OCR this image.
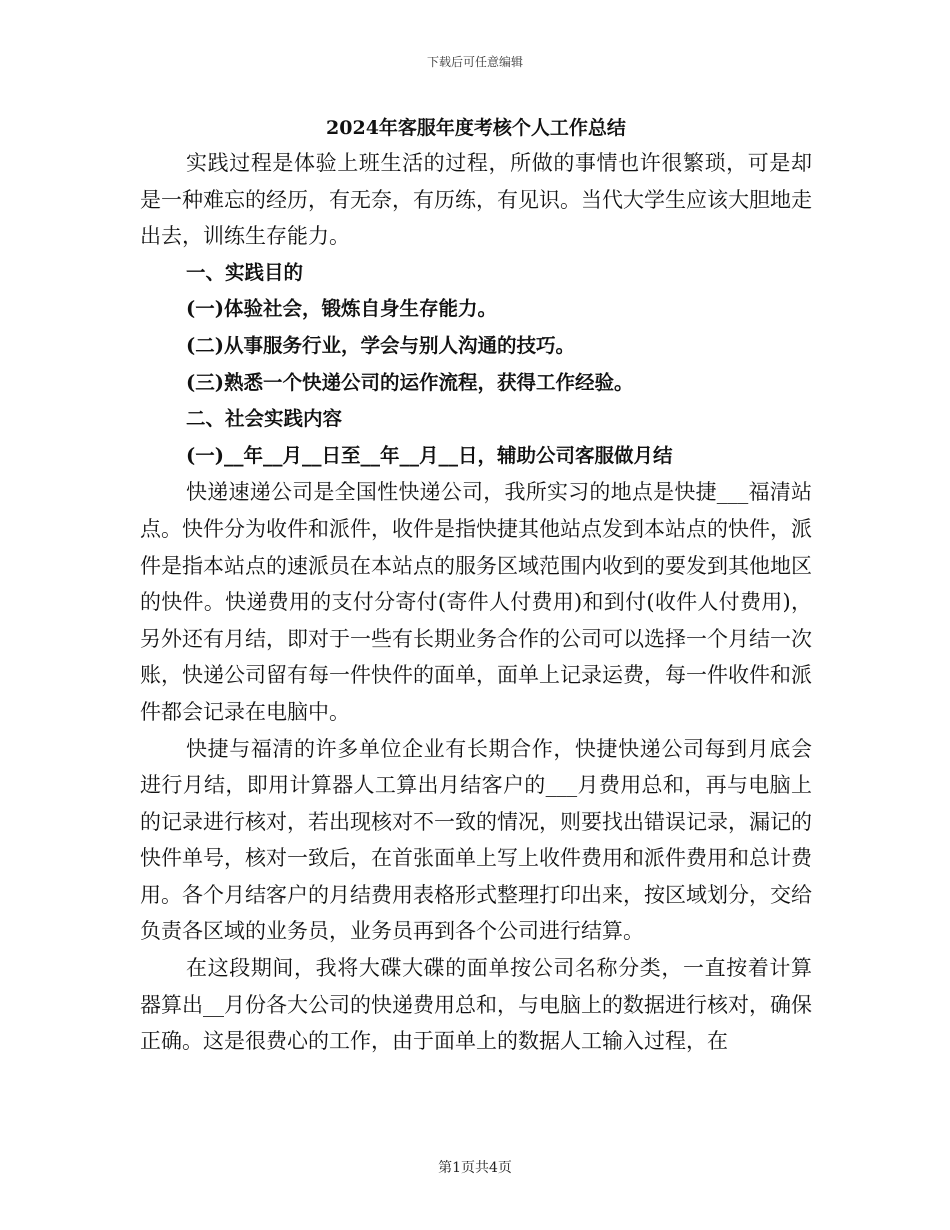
下载后可任意编辑
2024年客服年度考核个人工作总结

实践过程是体验上班生活的过程，所做的事情也许很繁琐，可是却是一种难忘的经历，有无奈，有历练，有见识。当代大学生应该大胆地走出去，训练生存能力。

一、实践目的
(一)体验社会，锻炼自身生存能力。
(二)从事服务行业，学会与别人沟通的技巧。
(三)熟悉一个快递公司的运作流程，获得工作经验。
二、社会实践内容
(一)__年__月__日至__年__月__日，辅助公司客服做月结

快递速递公司是全国性快递公司，我所实习的地点是快捷___福清站点。快件分为收件和派件，收件是指快捷其他站点发到本站点的快件，派件是指本站点的速派员在本站点的服务区域范围内收到的要发到其他地区的快件。快递费用的支付分寄付(寄件人付费用)和到付(收件人付费用)，另外还有月结，即对于一些有长期业务合作的公司可以选择一个月结一次账，快递公司留有每一件快件的面单，面单上记录运费，每一件收件和派件都会记录在电脑中。

快捷与福清的许多单位企业有长期合作，快捷快递公司每到月底会进行月结，即用计算器人工算出月结客户的___月费用总和，再与电脑上的记录进行核对，若出现核对不一致的情况，则要找出错误记录，漏记的快件单号，核对一致后，在首张面单上写上收件费用和派件费用和总计费用。各个月结客户的月结费用表格形式整理打印出来，按区域划分，交给负责各区域的业务员，业务员再到各个公司进行结算。

在这段期间，我将大碟大碟的面单按公司名称分类，一直按着计算器算出__月份各大公司的快递费用总和，与电脑上的数据进行核对，确保正确。这是很费心的工作，由于面单上的数据人工输入过程，在

第1页共4页
